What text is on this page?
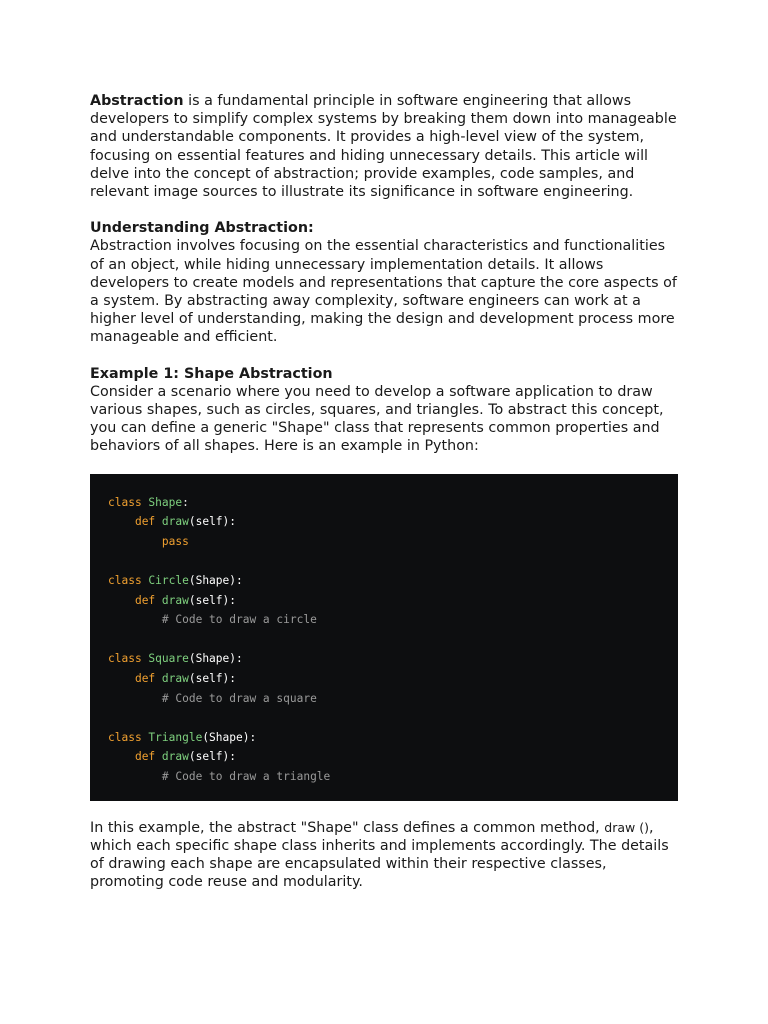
Abstraction is a fundamental principle in software engineering that allows developers to simplify complex systems by breaking them down into manageable and understandable components. It provides a high-level view of the system, focusing on essential features and hiding unnecessary details. This article will delve into the concept of abstraction; provide examples, code samples, and relevant image sources to illustrate its significance in software engineering.

Understanding Abstraction:

Abstraction involves focusing on the essential characteristics and functionalities of an object, while hiding unnecessary implementation details. It allows developers to create models and representations that capture the core aspects of a system. By abstracting away complexity, software engineers can work at a higher level of understanding, making the design and development process more manageable and efficient.

Example 1: Shape Abstraction

Consider a scenario where you need to develop a software application to draw various shapes, such as circles, squares, and triangles. To abstract this concept, you can define a generic "Shape" class that represents common properties and behaviors of all shapes. Here is an example in Python:

class Shape:
def draw(self):
pass
class Circle(Shape):
def draw(self):
# Code to draw a circle
class Square(Shape):
def draw(self):
# Code to draw a square
class Triangle(Shape):
def draw(self):
# Code to draw a triangle

In this example, the abstract "Shape" class defines a common method, draw (), which each specific shape class inherits and implements accordingly. The details of drawing each shape are encapsulated within their respective classes, promoting code reuse and modularity.
